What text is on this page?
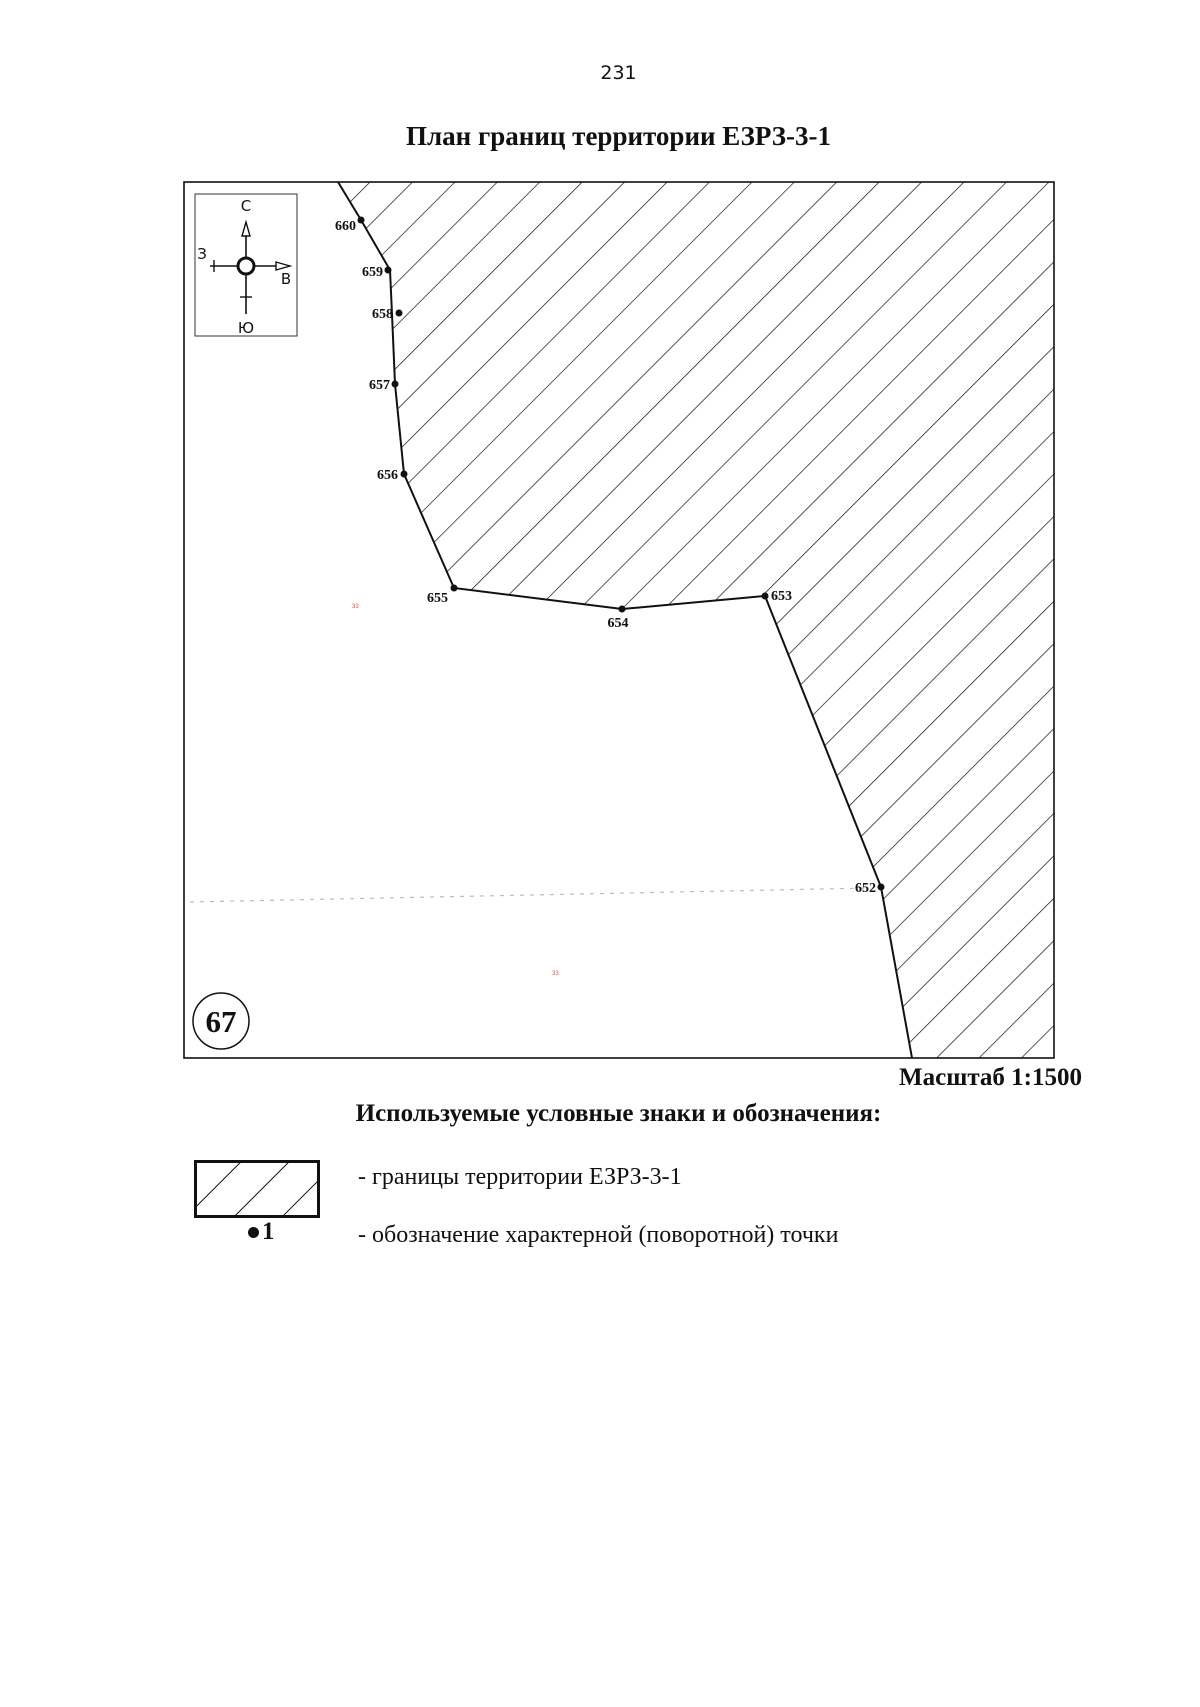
231
План границ территории ЕЗРЗ-3-1
33
33
С
Ю
З
В
67
652
653
654
655
656
657
658
659
660
Масштаб 1:1500
Используемые условные знаки и обозначения:
1
- границы территории ЕЗРЗ-3-1
- обозначение характерной (поворотной) точки
